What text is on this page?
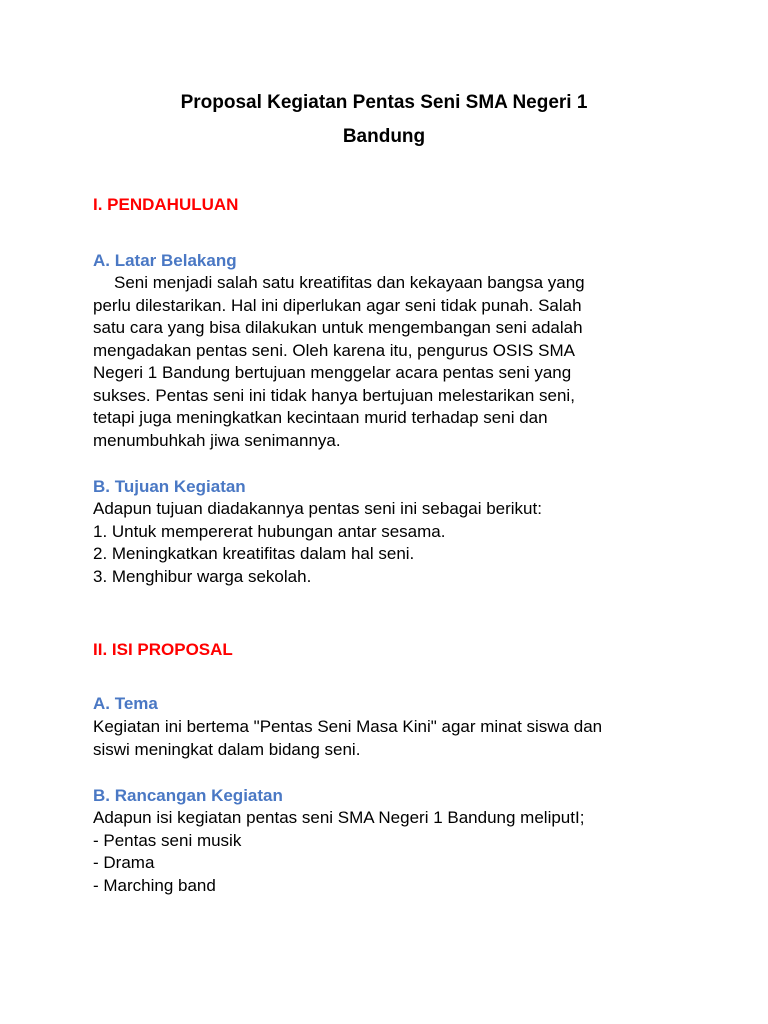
Proposal Kegiatan Pentas Seni SMA Negeri 1
Bandung
I. PENDAHULUAN
A. Latar Belakang
Seni menjadi salah satu kreatifitas dan kekayaan bangsa yang
perlu dilestarikan. Hal ini diperlukan agar seni tidak punah. Salah
satu cara yang bisa dilakukan untuk mengembangan seni adalah
mengadakan pentas seni. Oleh karena itu, pengurus OSIS SMA
Negeri 1 Bandung bertujuan menggelar acara pentas seni yang
sukses. Pentas seni ini tidak hanya bertujuan melestarikan seni,
tetapi juga meningkatkan kecintaan murid terhadap seni dan
menumbuhkah jiwa senimannya.
B. Tujuan Kegiatan
Adapun tujuan diadakannya pentas seni ini sebagai berikut:
1. Untuk mempererat hubungan antar sesama.
2. Meningkatkan kreatifitas dalam hal seni.
3. Menghibur warga sekolah.
II. ISI PROPOSAL
A. Tema
Kegiatan ini bertema "Pentas Seni Masa Kini" agar minat siswa dan
siswi meningkat dalam bidang seni.
B. Rancangan Kegiatan
Adapun isi kegiatan pentas seni SMA Negeri 1 Bandung meliputI;
- Pentas seni musik
- Drama
- Marching band
